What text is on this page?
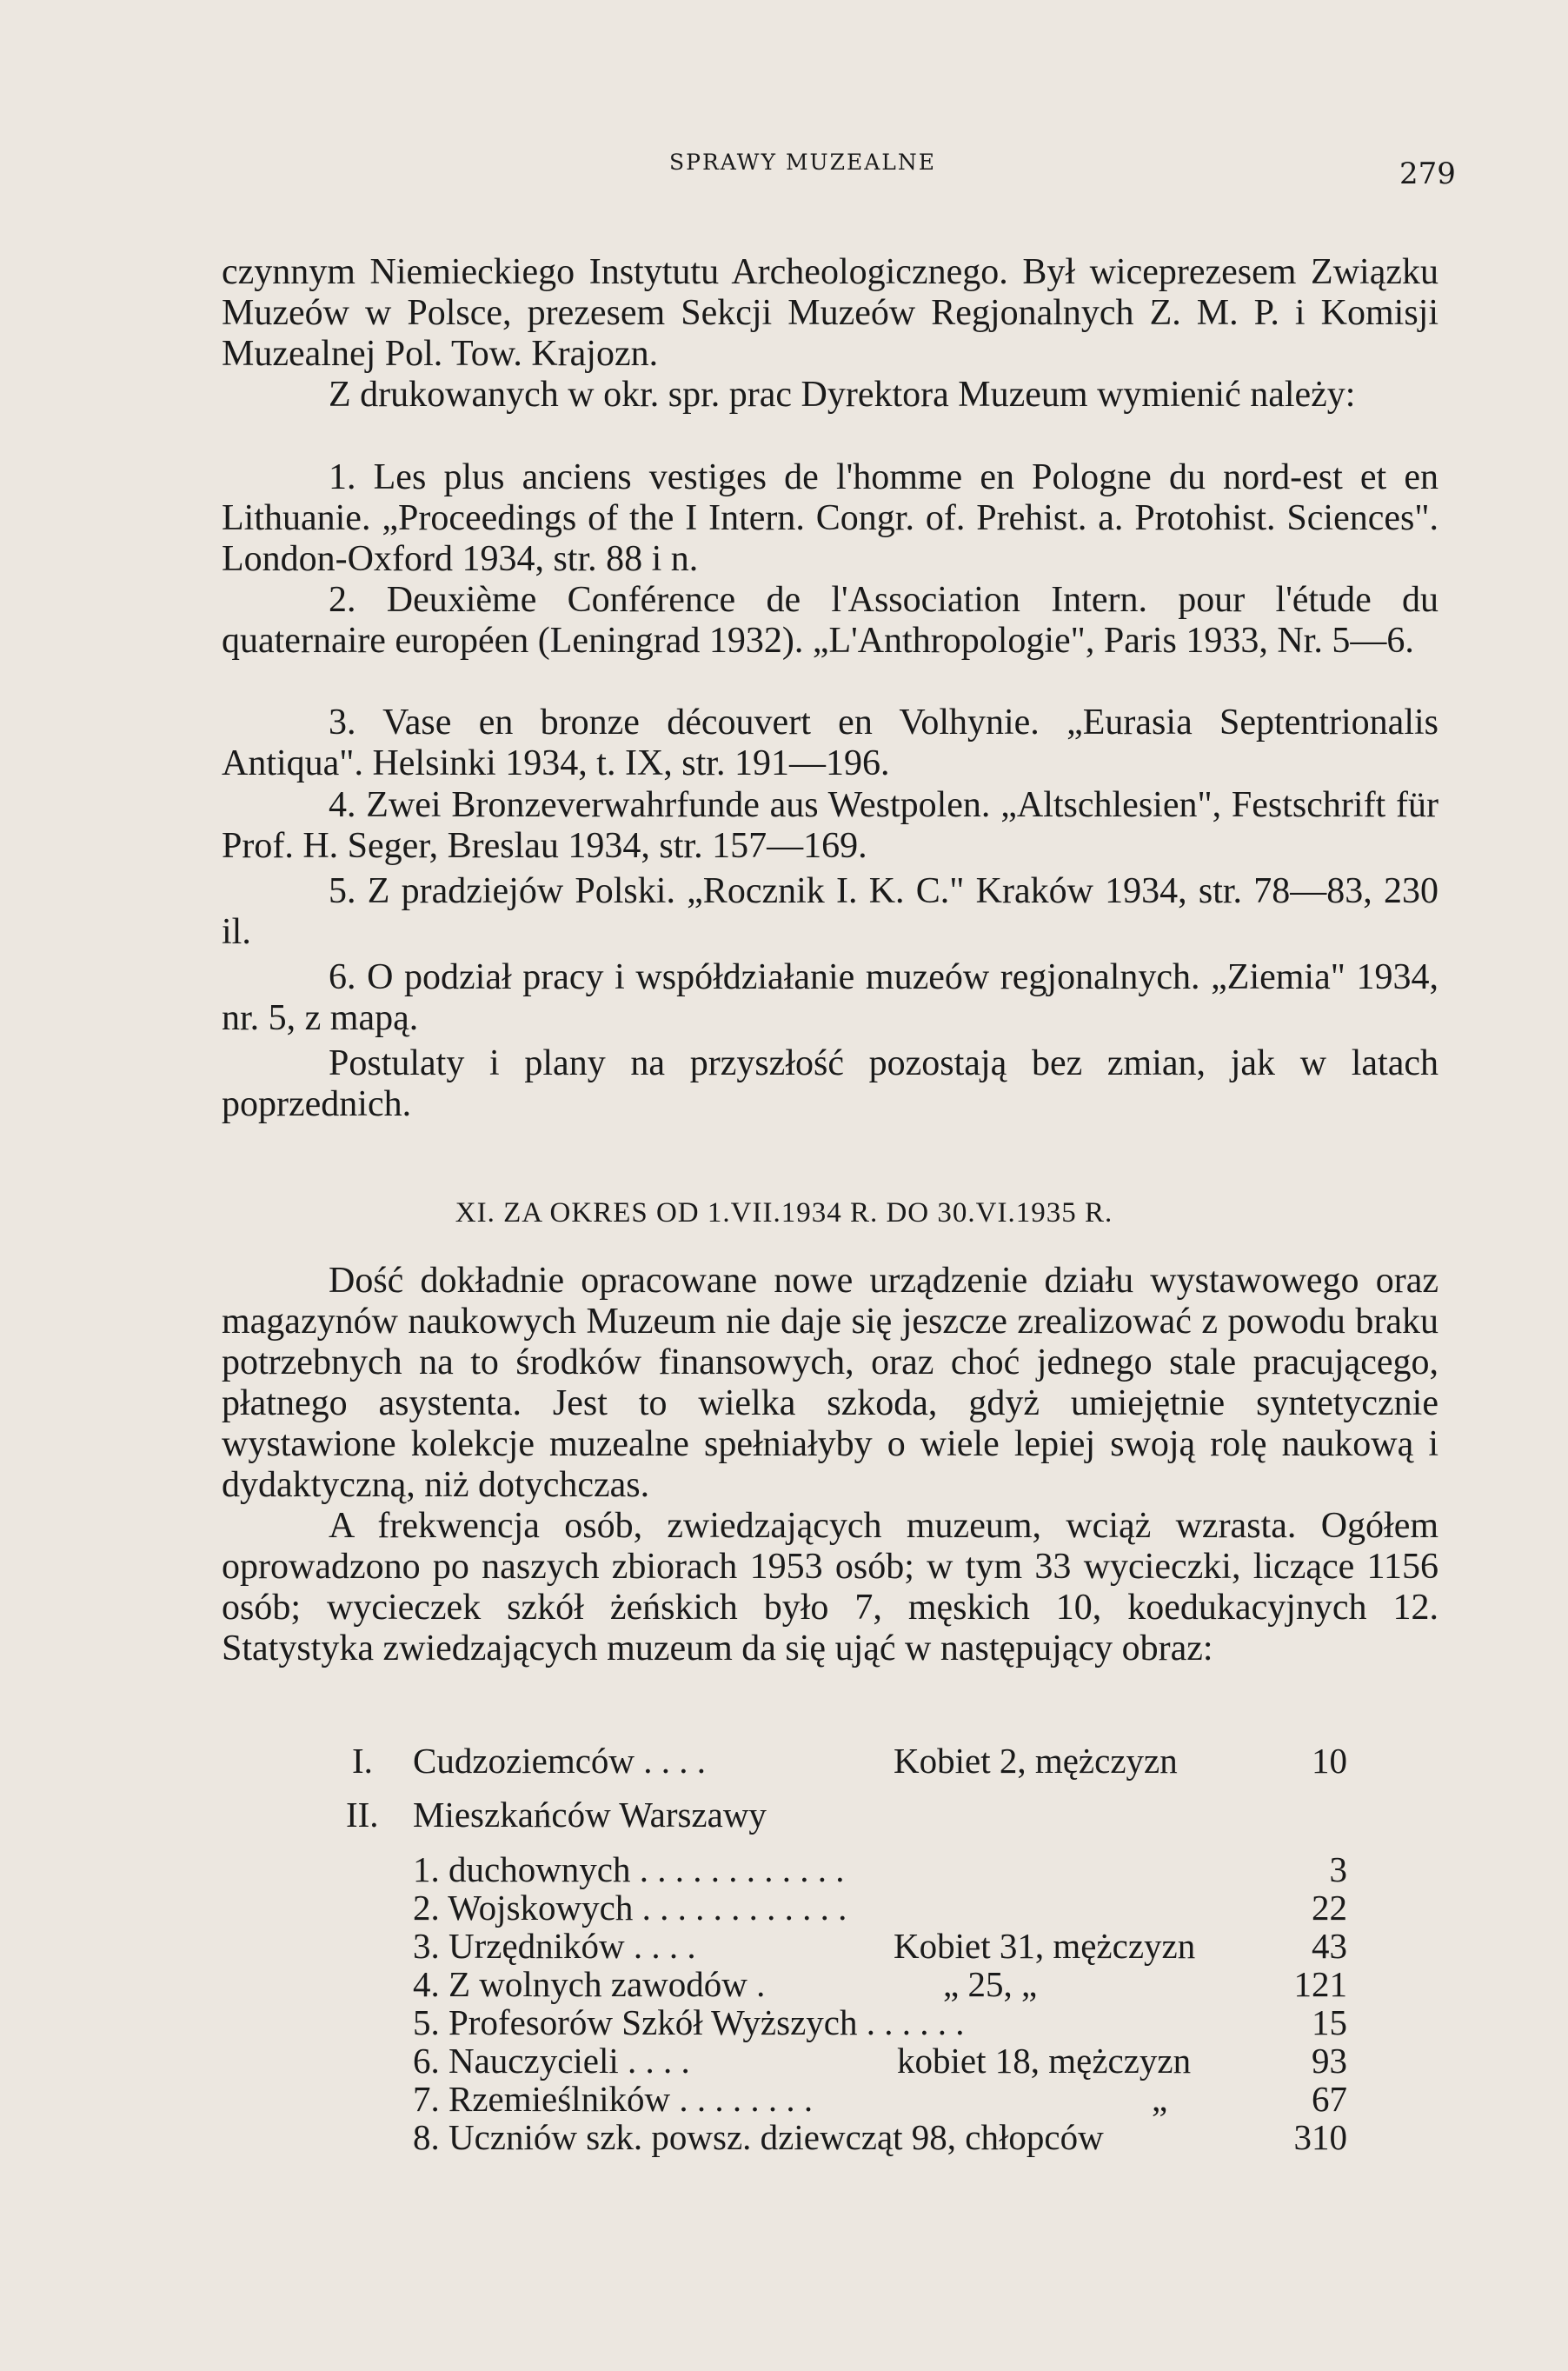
SPRAWY MUZEALNE	279

czynnym Niemieckiego Instytutu Archeologicznego. Był wiceprezesem Związku Muzeów w Polsce, prezesem Sekcji Muzeów Regjonalnych Z. M. P. i Komisji Muzealnej Pol. Tow. Krajozn.

Z drukowanych w okr. spr. prac Dyrektora Muzeum wymienić należy:

1. Les plus anciens vestiges de l'homme en Pologne du nord-est et en Lithuanie. „Proceedings of the I Intern. Congr. of. Prehist. a. Protohist. Sciences". London-Oxford 1934, str. 88 i n.

2. Deuxième Conférence de l'Association Intern. pour l'étude du quaternaire européen (Leningrad 1932). „L'Anthropologie", Paris 1933, Nr. 5—6.

3. Vase en bronze découvert en Volhynie. „Eurasia Septentrionalis Antiqua". Helsinki 1934, t. IX, str. 191—196.

4. Zwei Bronzeverwahrfunde aus Westpolen. „Altschlesien", Festschrift für Prof. H. Seger, Breslau 1934, str. 157—169.

5. Z pradziejów Polski. „Rocznik I. K. C." Kraków 1934, str. 78—83, 230 il.

6. O podział pracy i współdziałanie muzeów regjonalnych. „Ziemia" 1934, nr. 5, z mapą.

Postulaty i plany na przyszłość pozostają bez zmian, jak w latach poprzednich.

XI. ZA OKRES OD 1.VII.1934 R. DO 30.VI.1935 R.

Dość dokładnie opracowane nowe urządzenie działu wystawowego oraz magazynów naukowych Muzeum nie daje się jeszcze zrealizować z powodu braku potrzebnych na to środków finansowych, oraz choć jednego stale pracującego, płatnego asystenta. Jest to wielka szkoda, gdyż umiejętnie syntetycznie wystawione kolekcje muzealne spełniałyby o wiele lepiej swoją rolę naukową i dydaktyczną, niż dotychczas.

A frekwencja osób, zwiedzających muzeum, wciąż wzrasta. Ogółem oprowadzono po naszych zbiorach 1953 osób; w tym 33 wycieczki, liczące 1156 osób; wycieczek szkół żeńskich było 7, męskich 10, koedukacyjnych 12. Statystyka zwiedzających muzeum da się ująć w następujący obraz:

I. Cudzoziemców . . . .	Kobiet 2, mężczyzn	10
II. Mieszkańców Warszawy
1. duchownych . . . . . . . . . . . .	3
2. Wojskowych . . . . . . . . . . . .	22
3. Urzędników . . . .	Kobiet 31, mężczyzn	43
4. Z wolnych zawodów .	„ 25, „	121
5. Profesorów Szkół Wyższych . . . . . .	15
6. Nauczycieli . . . .	kobiet 18, mężczyzn	93
7. Rzemieślników . . . . . . . .	„	67
8. Uczniów szk. powsz. dziewcząt 98, chłopców	310
